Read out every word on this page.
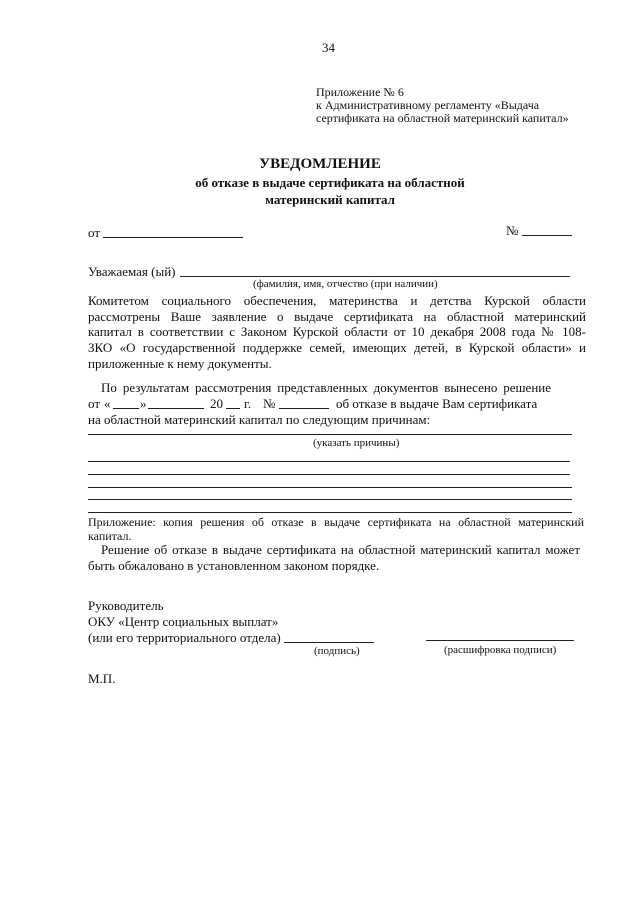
34
Приложение № 6
к Административному регламенту «Выдача
сертификата на областной материнский капитал»
УВЕДОМЛЕНИЕ
об отказе в выдаче сертификата на областной
материнский капитал
от	№
Уважаемая (ый)
(фамилия, имя, отчество (при наличии)
Комитетом социального обеспечения, материнства и детства Курской области
рассмотрены Ваше заявление о выдаче сертификата на областной материнский
капитал в соответствии с Законом Курской области от 10 декабря 2008 года № 108-
ЗКО «О государственной поддержке семей, имеющих детей, в Курской области» и
приложенные к нему документы.
По результатам рассмотрения представленных документов вынесено решение
от « »	20 г. №	об отказе в выдаче Вам сертификата
на областной материнский капитал по следующим причинам:
(указать причины)
Приложение: копия решения об отказе в выдаче сертификата на областной материнский
капитал.
Решение об отказе в выдаче сертификата на областной материнский капитал может
быть обжаловано в установленном законом порядке.
Руководитель
ОКУ «Центр социальных выплат»
(или его территориального отдела)
(подпись)	(расшифровка подписи)
М.П.
